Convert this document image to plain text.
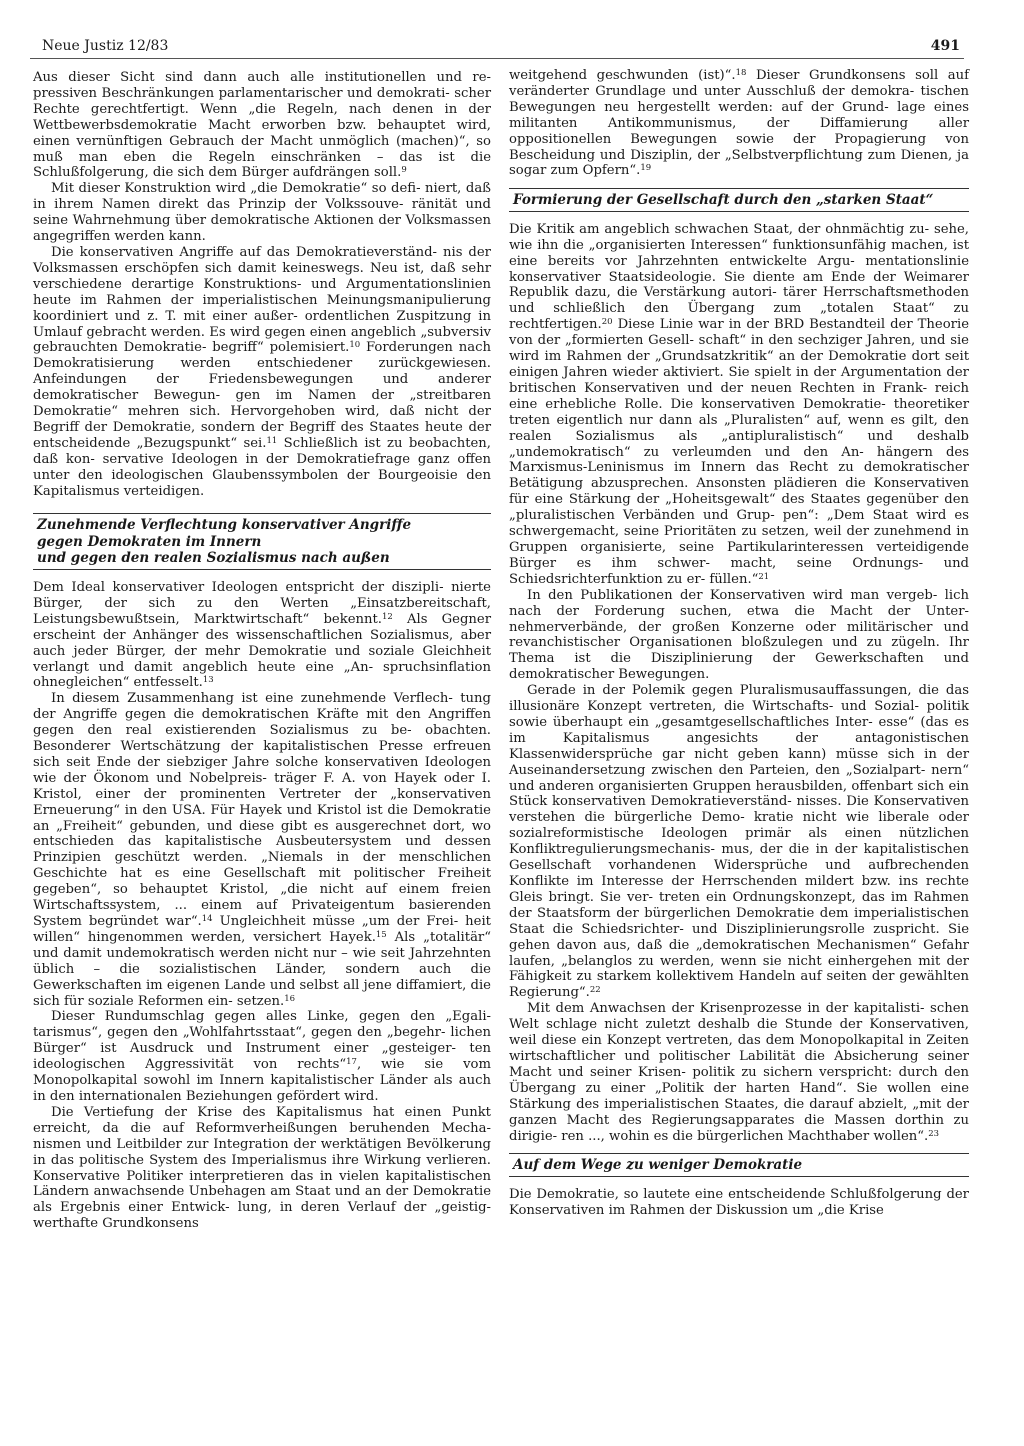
Neue Justiz 12/83	491

Aus dieser Sicht sind dann auch alle institutionellen und re- pressiven Beschränkungen parlamentarischer und demokrati- scher Rechte gerechtfertigt. Wenn „die Regeln, nach denen in der Wettbewerbsdemokratie Macht erworben bzw. behauptet wird, einen vernünftigen Gebrauch der Macht unmöglich (machen)“, so muß man eben die Regeln einschränken – das ist die Schlußfolgerung, die sich dem Bürger aufdrängen soll.$^9$

Mit dieser Konstruktion wird „die Demokratie“ so defi- niert, daß in ihrem Namen direkt das Prinzip der Volkssouve- ränität und seine Wahrnehmung über demokratische Aktionen der Volksmassen angegriffen werden kann.

Die konservativen Angriffe auf das Demokratieverständ- nis der Volksmassen erschöpfen sich damit keineswegs. Neu ist, daß sehr verschiedene derartige Konstruktions- und Argumentationslinien heute im Rahmen der imperialistischen Meinungsmanipulierung koordiniert und z. T. mit einer außer- ordentlichen Zuspitzung in Umlauf gebracht werden. Es wird gegen einen angeblich „subversiv gebrauchten Demokratie- begriff“ polemisiert.$^{10}$ Forderungen nach Demokratisierung werden entschiedener zurückgewiesen. Anfeindungen der Friedensbewegungen und anderer demokratischer Bewegun- gen im Namen der „streitbaren Demokratie“ mehren sich. Hervorgehoben wird, daß nicht der Begriff der Demokratie, sondern der Begriff des Staates heute der entscheidende „Bezugspunkt“ sei.$^{11}$ Schließlich ist zu beobachten, daß kon- servative Ideologen in der Demokratiefrage ganz offen unter den ideologischen Glaubenssymbolen der Bourgeoisie den Kapitalismus verteidigen.

Zunehmende Verflechtung konservativer Angriffe
gegen Demokraten im Innern
und gegen den realen Sozialismus nach außen

Dem Ideal konservativer Ideologen entspricht der diszipli- nierte Bürger, der sich zu den Werten „Einsatzbereitschaft, Leistungsbewußtsein, Marktwirtschaft“ bekennt.$^{12}$ Als Gegner erscheint der Anhänger des wissenschaftlichen Sozialismus, aber auch jeder Bürger, der mehr Demokratie und soziale Gleichheit verlangt und damit angeblich heute eine „An- spruchsinflation ohnegleichen“ entfesselt.$^{13}$

In diesem Zusammenhang ist eine zunehmende Verflech- tung der Angriffe gegen die demokratischen Kräfte mit den Angriffen gegen den real existierenden Sozialismus zu be- obachten. Besonderer Wertschätzung der kapitalistischen Presse erfreuen sich seit Ende der siebziger Jahre solche konservativen Ideologen wie der Ökonom und Nobelpreis- träger F. A. von Hayek oder I. Kristol, einer der prominenten Vertreter der „konservativen Erneuerung“ in den USA. Für Hayek und Kristol ist die Demokratie an „Freiheit“ gebunden, und diese gibt es ausgerechnet dort, wo entschieden das kapitalistische Ausbeutersystem und dessen Prinzipien geschützt werden. „Niemals in der menschlichen Geschichte hat es eine Gesellschaft mit politischer Freiheit gegeben“, so behauptet Kristol, „die nicht auf einem freien Wirtschaftssystem, ... einem auf Privateigentum basierenden System begründet war“.$^{14}$ Ungleichheit müsse „um der Frei- heit willen“ hingenommen werden, versichert Hayek.$^{15}$ Als „totalitär“ und damit undemokratisch werden nicht nur – wie seit Jahrzehnten üblich – die sozialistischen Länder, sondern auch die Gewerkschaften im eigenen Lande und selbst all jene diffamiert, die sich für soziale Reformen ein- setzen.$^{16}$

Dieser Rundumschlag gegen alles Linke, gegen den „Egali- tarismus“, gegen den „Wohlfahrtsstaat“, gegen den „begehr- lichen Bürger“ ist Ausdruck und Instrument einer „gesteiger- ten ideologischen Aggressivität von rechts“$^{17}$, wie sie vom Monopolkapital sowohl im Innern kapitalistischer Länder als auch in den internationalen Beziehungen gefördert wird.

Die Vertiefung der Krise des Kapitalismus hat einen Punkt erreicht, da die auf Reformverheißungen beruhenden Mecha- nismen und Leitbilder zur Integration der werktätigen Bevölkerung in das politische System des Imperialismus ihre Wirkung verlieren. Konservative Politiker interpretieren das in vielen kapitalistischen Ländern anwachsende Unbehagen am Staat und an der Demokratie als Ergebnis einer Entwick- lung, in deren Verlauf der „geistig-werthafte Grundkonsens

weitgehend geschwunden (ist)“.$^{18}$ Dieser Grundkonsens soll auf veränderter Grundlage und unter Ausschluß der demokra- tischen Bewegungen neu hergestellt werden: auf der Grund- lage eines militanten Antikommunismus, der Diffamierung aller oppositionellen Bewegungen sowie der Propagierung von Bescheidung und Disziplin, der „Selbstverpflichtung zum Dienen, ja sogar zum Opfern“.$^{19}$

Formierung der Gesellschaft durch den „starken Staat“

Die Kritik am angeblich schwachen Staat, der ohnmächtig zu- sehe, wie ihn die „organisierten Interessen“ funktionsunfähig machen, ist eine bereits vor Jahrzehnten entwickelte Argu- mentationslinie konservativer Staatsideologie. Sie diente am Ende der Weimarer Republik dazu, die Verstärkung autori- tärer Herrschaftsmethoden und schließlich den Übergang zum „totalen Staat“ zu rechtfertigen.$^{20}$ Diese Linie war in der BRD Bestandteil der Theorie von der „formierten Gesell- schaft“ in den sechziger Jahren, und sie wird im Rahmen der „Grundsatzkritik“ an der Demokratie dort seit einigen Jahren wieder aktiviert. Sie spielt in der Argumentation der britischen Konservativen und der neuen Rechten in Frank- reich eine erhebliche Rolle. Die konservativen Demokratie- theoretiker treten eigentlich nur dann als „Pluralisten“ auf, wenn es gilt, den realen Sozialismus als „antipluralistisch“ und deshalb „undemokratisch“ zu verleumden und den An- hängern des Marxismus-Leninismus im Innern das Recht zu demokratischer Betätigung abzusprechen. Ansonsten plädieren die Konservativen für eine Stärkung der „Hoheitsgewalt“ des Staates gegenüber den „pluralistischen Verbänden und Grup- pen“: „Dem Staat wird es schwergemacht, seine Prioritäten zu setzen, weil der zunehmend in Gruppen organisierte, seine Partikularinteressen verteidigende Bürger es ihm schwer- macht, seine Ordnungs- und Schiedsrichterfunktion zu er- füllen.“$^{21}$

In den Publikationen der Konservativen wird man vergeb- lich nach der Forderung suchen, etwa die Macht der Unter- nehmerverbände, der großen Konzerne oder militärischer und revanchistischer Organisationen bloßzulegen und zu zügeln. Ihr Thema ist die Disziplinierung der Gewerkschaften und demokratischer Bewegungen.

Gerade in der Polemik gegen Pluralismusauffassungen, die das illusionäre Konzept vertreten, die Wirtschafts- und Sozial- politik sowie überhaupt ein „gesamtgesellschaftliches Inter- esse“ (das es im Kapitalismus angesichts der antagonistischen Klassenwidersprüche gar nicht geben kann) müsse sich in der Auseinandersetzung zwischen den Parteien, den „Sozialpart- nern“ und anderen organisierten Gruppen herausbilden, offenbart sich ein Stück konservativen Demokratieverständ- nisses. Die Konservativen verstehen die bürgerliche Demo- kratie nicht wie liberale oder sozialreformistische Ideologen primär als einen nützlichen Konfliktregulierungsmechanis- mus, der die in der kapitalistischen Gesellschaft vorhandenen Widersprüche und aufbrechenden Konflikte im Interesse der Herrschenden mildert bzw. ins rechte Gleis bringt. Sie ver- treten ein Ordnungskonzept, das im Rahmen der Staatsform der bürgerlichen Demokratie dem imperialistischen Staat die Schiedsrichter- und Disziplinierungsrolle zuspricht. Sie gehen davon aus, daß die „demokratischen Mechanismen“ Gefahr laufen, „belanglos zu werden, wenn sie nicht einhergehen mit der Fähigkeit zu starkem kollektivem Handeln auf seiten der gewählten Regierung“.$^{22}$

Mit dem Anwachsen der Krisenprozesse in der kapitalisti- schen Welt schlage nicht zuletzt deshalb die Stunde der Konservativen, weil diese ein Konzept vertreten, das dem Monopolkapital in Zeiten wirtschaftlicher und politischer Labilität die Absicherung seiner Macht und seiner Krisen- politik zu sichern verspricht: durch den Übergang zu einer „Politik der harten Hand“. Sie wollen eine Stärkung des imperialistischen Staates, die darauf abzielt, „mit der ganzen Macht des Regierungsapparates die Massen dorthin zu dirigie- ren ..., wohin es die bürgerlichen Machthaber wollen“.$^{23}$

Auf dem Wege zu weniger Demokratie

Die Demokratie, so lautete eine entscheidende Schlußfolgerung der Konservativen im Rahmen der Diskussion um „die Krise
